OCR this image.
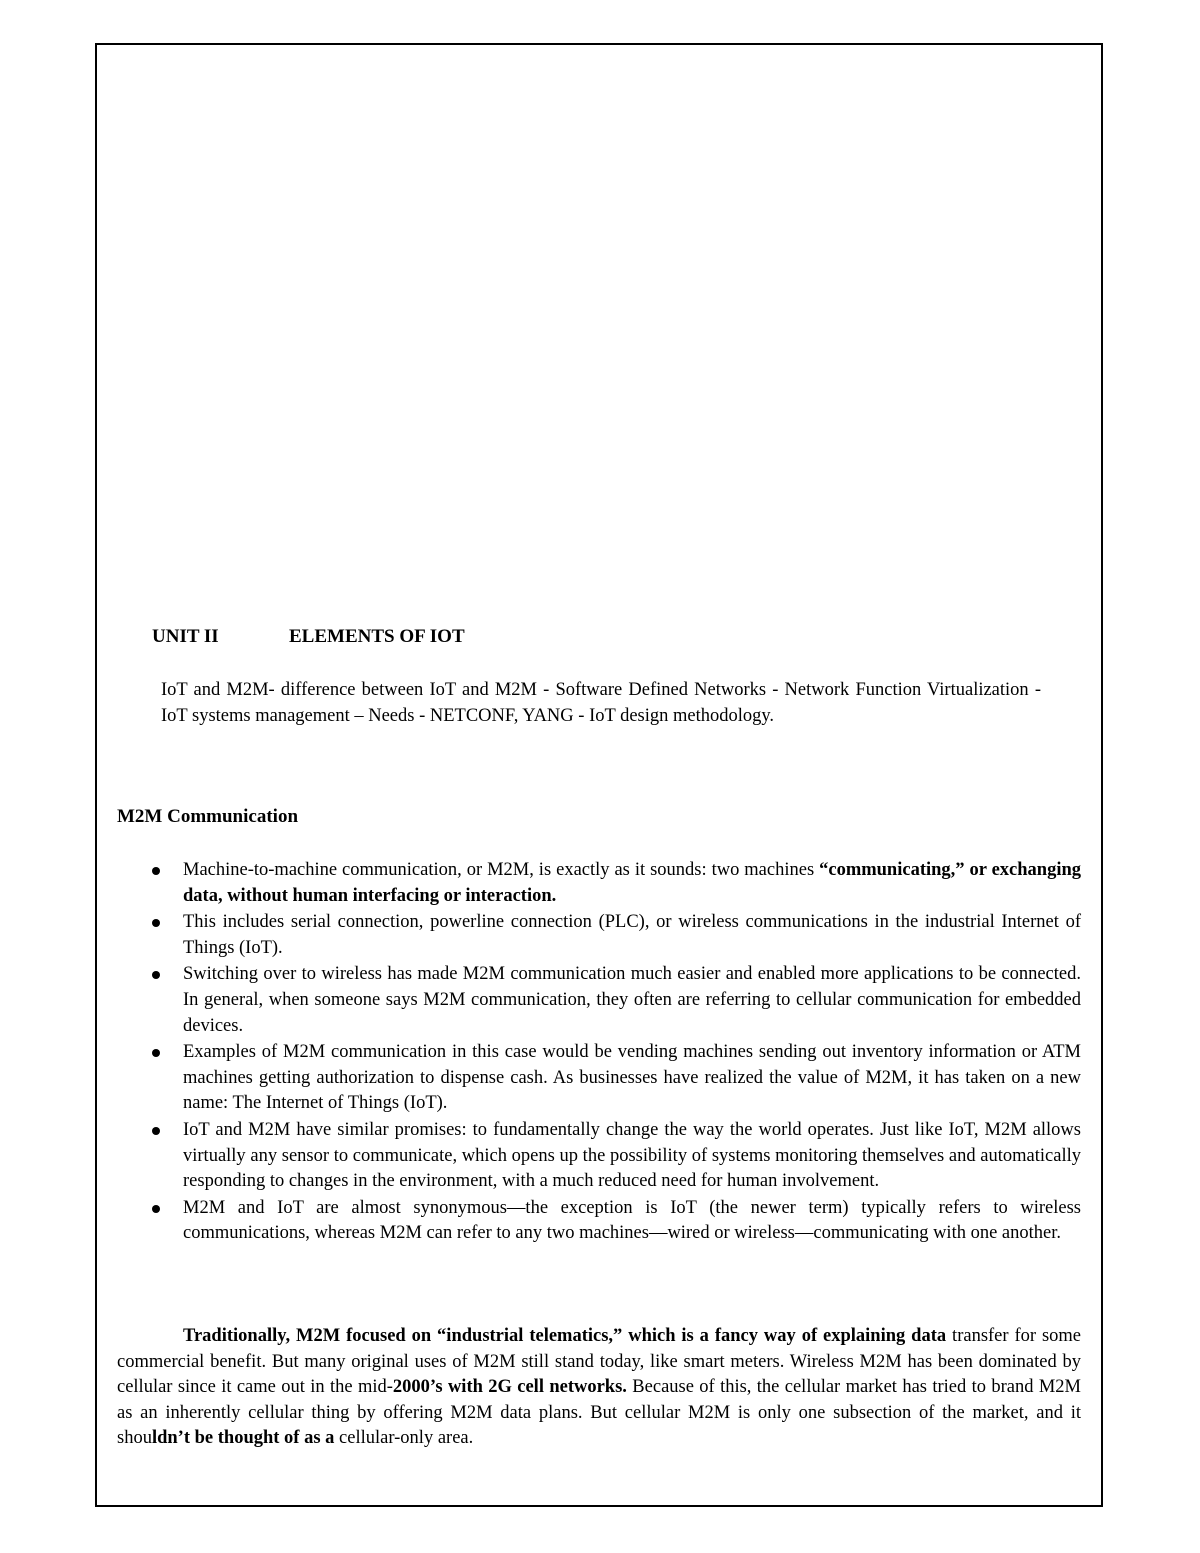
UNIT II	ELEMENTS OF IOT

IoT and M2M- difference between IoT and M2M - Software Defined Networks - Network Function Virtualization - IoT systems management – Needs - NETCONF, YANG - IoT design methodology.

M2M Communication
Machine-to-machine communication, or M2M, is exactly as it sounds: two machines “communicating,” or exchanging data, without human interfacing or interaction.
This includes serial connection, powerline connection (PLC), or wireless communications in the industrial Internet of Things (IoT).
Switching over to wireless has made M2M communication much easier and enabled more applications to be connected. In general, when someone says M2M communication, they often are referring to cellular communication for embedded devices.
Examples of M2M communication in this case would be vending machines sending out inventory information or ATM machines getting authorization to dispense cash. As businesses have realized the value of M2M, it has taken on a new name: The Internet of Things (IoT).
IoT and M2M have similar promises: to fundamentally change the way the world operates. Just like IoT, M2M allows virtually any sensor to communicate, which opens up the possibility of systems monitoring themselves and automatically responding to changes in the environment, with a much reduced need for human involvement.
M2M and IoT are almost synonymous—the exception is IoT (the newer term) typically refers to wireless communications, whereas M2M can refer to any two machines—wired or wireless—communicating with one another.

Traditionally, M2M focused on “industrial telematics,” which is a fancy way of explaining data transfer for some commercial benefit. But many original uses of M2M still stand today, like smart meters. Wireless M2M has been dominated by cellular since it came out in the mid-2000’s with 2G cell networks. Because of this, the cellular market has tried to brand M2M as an inherently cellular thing by offering M2M data plans. But cellular M2M is only one subsection of the market, and it shouldn’t be thought of as a cellular-only area.
